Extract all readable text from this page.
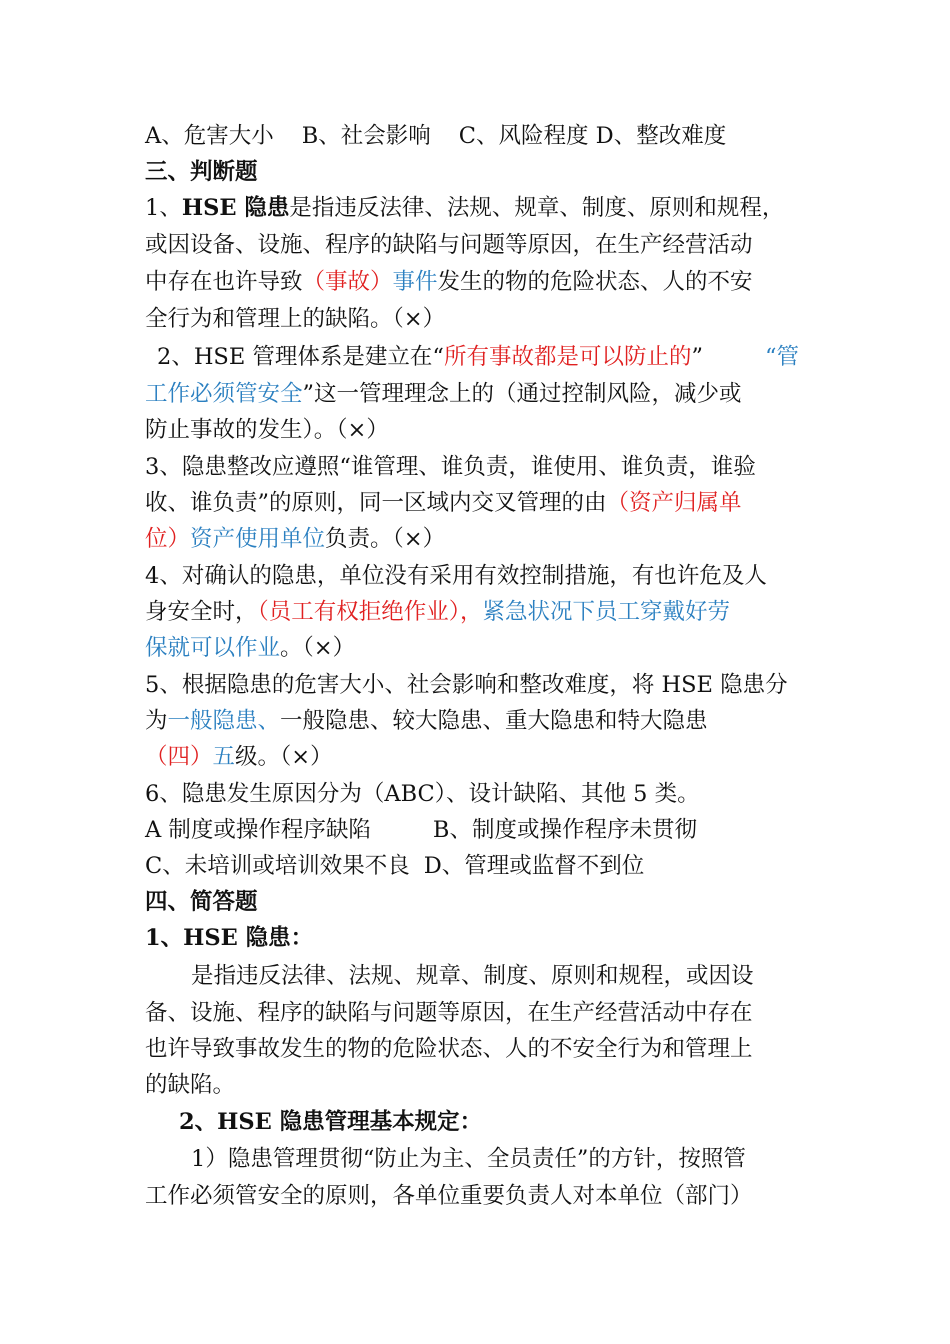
A、危害大小 B、社会影响 C、风险程度 D、整改难度
三、判断题
1、HSE 隐患是指违反法律、法规、规章、制度、原则和规程，
或因设备、设施、程序的缺陷与问题等原因，在生产经营活动
中存在也许导致（事故）事件发生的物的危险状态、人的不安
全行为和管理上的缺陷。（×）
2、HSE 管理体系是建立在“所有事故都是可以防止的”	“管
工作必须管安全”这一管理理念上的（通过控制风险，减少或
防止事故的发生）。（×）
3、隐患整改应遵照“谁管理、谁负责，谁使用、谁负责，谁验
收、谁负责”的原则，同一区域内交叉管理的由（资产归属单
位）资产使用单位负责。（×）
4、对确认的隐患，单位没有采用有效控制措施，有也许危及人
身安全时，（员工有权拒绝作业），紧急状况下员工穿戴好劳
保就可以作业。（×）
5、根据隐患的危害大小、社会影响和整改难度，将 HSE 隐患分
为一般隐患、一般隐患、较大隐患、重大隐患和特大隐患
（四）五级。（×）
6、隐患发生原因分为（ABC）、设计缺陷、其他 5 类。
A 制度或操作程序缺陷	B、制度或操作程序未贯彻
C、未培训或培训效果不良 D、管理或监督不到位
四、简答题
1、HSE 隐患：
是指违反法律、法规、规章、制度、原则和规程，或因设
备、设施、程序的缺陷与问题等原因，在生产经营活动中存在
也许导致事故发生的物的危险状态、人的不安全行为和管理上
的缺陷。
2、HSE 隐患管理基本规定：
1）隐患管理贯彻“防止为主、全员责任”的方针，按照管
工作必须管安全的原则，各单位重要负责人对本单位（部门）
